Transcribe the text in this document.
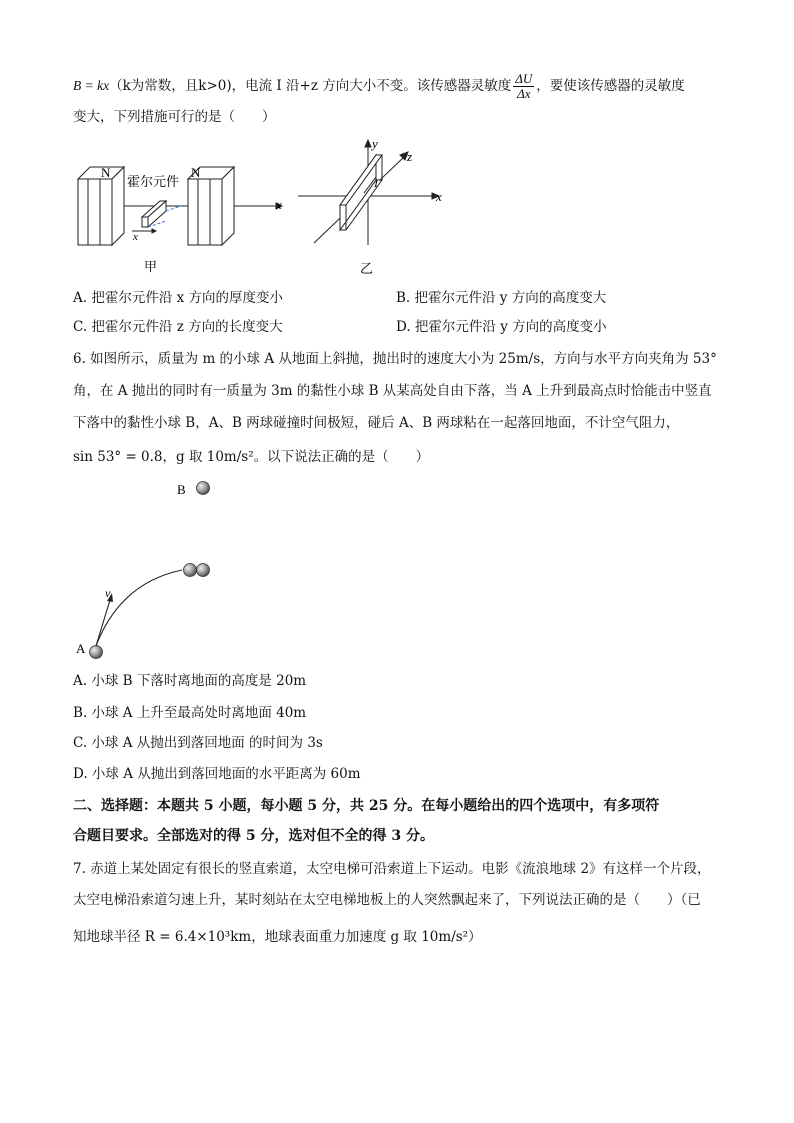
B = kx（k为常数，且k>0)，电流 I 沿+z 方向大小不变。该传感器灵敏度 $\frac{\Delta U}{\Delta x}$ ，要使该传感器的灵敏度
变大，下列措施可行的是（　　）
N	N
霍尔元件
x
x
甲
y
z
x
I
乙
A. 把霍尔元件沿 x 方向的厚度变小	B. 把霍尔元件沿 y 方向的高度变大
C. 把霍尔元件沿 z 方向的长度变大	D. 把霍尔元件沿 y 方向的高度变小
6. 如图所示，质量为 m 的小球 A 从地面上斜抛，抛出时的速度大小为 25m/s，方向与水平方向夹角为 53°
角，在 A 抛出的同时有一质量为 3m 的黏性小球 B 从某高处自由下落，当 A 上升到最高点时恰能击中竖直
下落中的黏性小球 B，A、B 两球碰撞时间极短，碰后 A、B 两球粘在一起落回地面，不计空气阻力，
sin 53° = 0.8，g 取 10m/s²。以下说法正确的是（　　）
B
v
A
A. 小球 B 下落时离地面的高度是 20m
B. 小球 A 上升至最高处时离地面 40m
C. 小球 A 从抛出到落回地面 的时间为 3s
D. 小球 A 从抛出到落回地面的水平距离为 60m
二、选择题：本题共 5 小题，每小题 5 分，共 25 分。在每小题给出的四个选项中，有多项符
合题目要求。全部选对的得 5 分，选对但不全的得 3 分。
7. 赤道上某处固定有很长的竖直索道，太空电梯可沿索道上下运动。电影《流浪地球 2》有这样一个片段，
太空电梯沿索道匀速上升，某时刻站在太空电梯地板上的人突然飘起来了，下列说法正确的是（　　）（已
知地球半径 R = 6.4×10³km，地球表面重力加速度 g 取 10m/s²）
